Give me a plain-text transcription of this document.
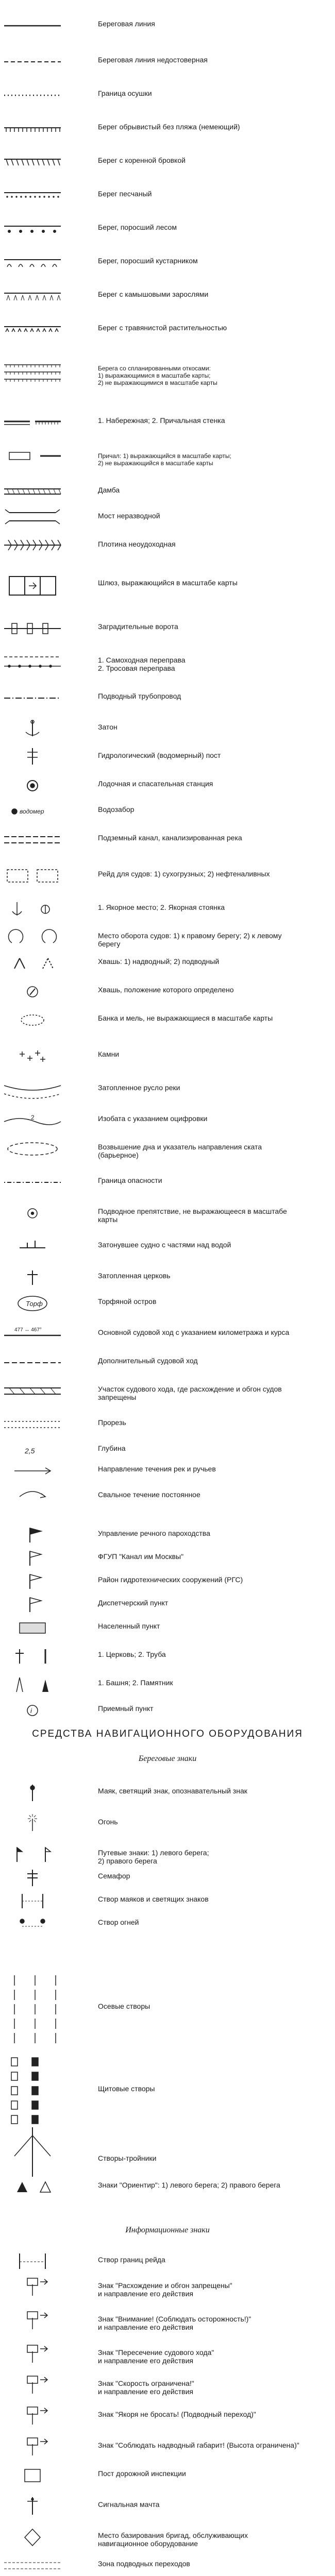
Береговая линия
Береговая линия недостоверная
Граница осушки
Берег обрывистый без пляжа (немеющий)
Берег с коренной бровкой
Берег песчаный
Берег, поросший лесом
Берег, поросший кустарником
Берег с камышовыми зарослями
Берег с травянистой растительностью
Берега со спланированными откосами:
1) выражающимися в масштабе карты;
2) не выражающимися в масштабе карты
1. Набережная; 2. Причальная стенка
Причал: 1) выражающийся в масштабе карты;
2) не выражающийся в масштабе карты
Дамба
Мост неразводной
Плотина неоудоходная
Шлюз, выражающийся в масштабе карты
Заградительные ворота
1. Самоходная переправа
2. Тросовая переправа
Подводный трубопровод
Затон
Гидрологический (водомерный) пост
Лодочная и спасательная станция
водомер	Водозабор
Подземный канал, канализированная река
Рейд для судов: 1) сухогрузных; 2) нефтеналивных
1. Якорное место; 2. Якорная стоянка
Место оборота судов: 1) к правому берегу; 2) к левому
берегу
Хвашь: 1) надводный; 2) подводный
Хвашь, положение которого определено
Банка и мель, не выражающиеся в масштабе карты
Камни
Затопленное русло реки
2	Изобата с указанием оцифровки
Возвышение дна и указатель направления ската
(барьерное)
Граница опасности
Подводное препятствие, не выражающееся в масштабе
карты
Затонувшее судно с частями над водой
Затопленная церковь
Торф	Торфяной остров
477 ↔ 467°	Основной судовой ход с указанием километража и курса
Дополнительный судовой ход
Участок судового хода, где расхождение и обгон судов
запрещены
Прорезь
2,5	Глубина
Направление течения рек и ручьев
Свальное течение постоянное
Управление речного пароходства
ФГУП "Канал им Москвы"
Район гидротехнических сооружений (РГС)
Диспетчерский пункт
Населенный пункт
1. Церковь; 2. Труба
1. Башня; 2. Памятник
i	Приемный пункт
Маяк, светящий знак, опознавательный знак
Огонь
Путевые знаки: 1) левого берега;
2) правого берега
Семафор
Створ маяков и светящих знаков
Створ огней
Осевые створы
Щитовые створы
Створы-тройники
Знаки "Ориентир": 1) левого берега; 2) правого берега
Створ границ рейда
Знак "Расхождение и обгон запрещены"
и направление его действия
Знак "Внимание! (Соблюдать осторожность!)"
и направление его действия
Знак "Пересечение судового хода"
и направление его действия
Знак "Скорость ограничена!"
и направление его действия
Знак "Якоря не бросать! (Подводный переход)"
Знак "Соблюдать надводный габарит! (Высота ограничена)"
Пост дорожной инспекции
Сигнальная мачта
Место базирования бригад, обслуживающих
навигационное оборудование
Зона подводных переходов
СРЕДСТВА НАВИГАЦИОННОГО ОБОРУДОВАНИЯ
Береговые знаки
Информационные знаки
